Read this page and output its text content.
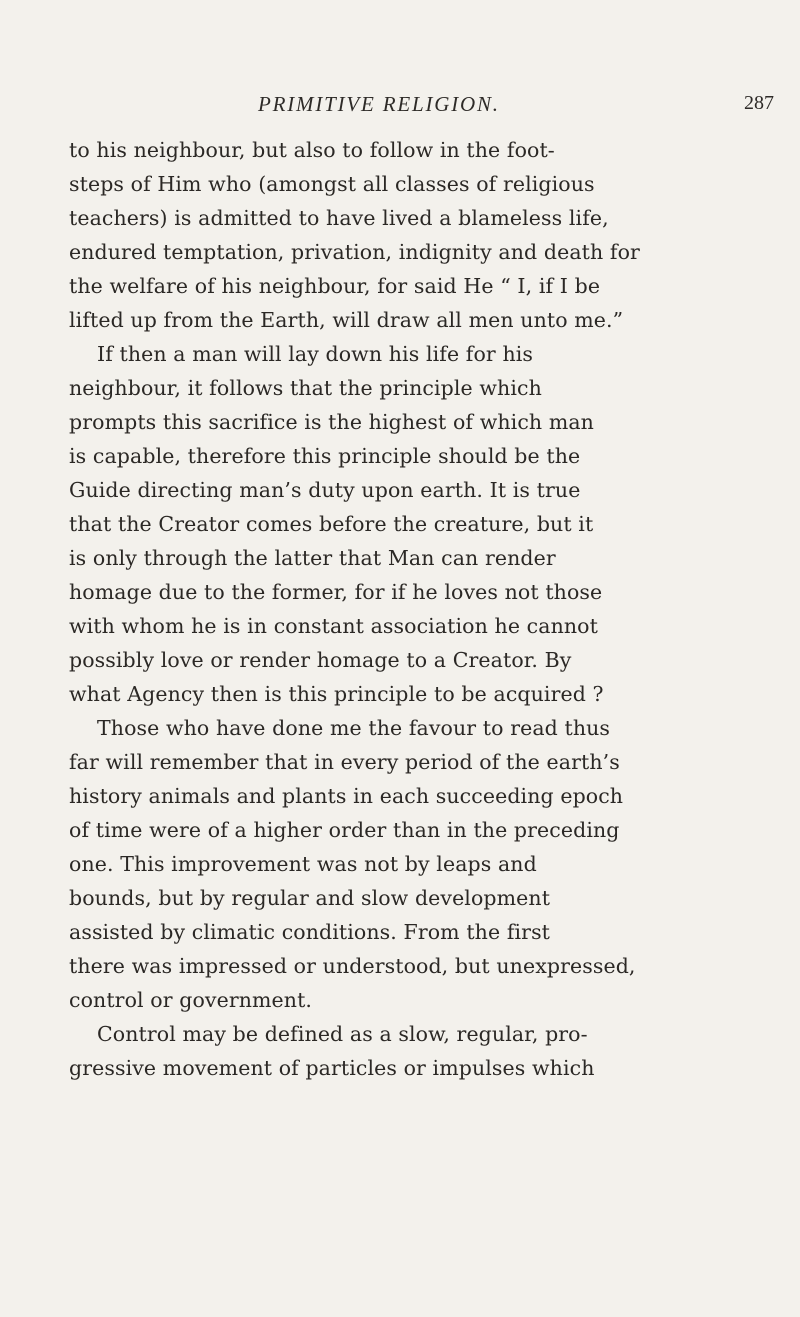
PRIMITIVE RELIGION.	287
to his neighbour, but also to follow in the foot-
steps of Him who (amongst all classes of religious
teachers) is admitted to have lived a blameless life,
endured temptation, privation, indignity and death for
the welfare of his neighbour, for said He “ I, if I be
lifted up from the Earth, will draw all men unto me.”
If then a man will lay down his life for his
neighbour, it follows that the principle which
prompts this sacrifice is the highest of which man
is capable, therefore this principle should be the
Guide directing man’s duty upon earth. It is true
that the Creator comes before the creature, but it
is only through the latter that Man can render
homage due to the former, for if he loves not those
with whom he is in constant association he cannot
possibly love or render homage to a Creator. By
what Agency then is this principle to be acquired ?
Those who have done me the favour to read thus
far will remember that in every period of the earth’s
history animals and plants in each succeeding epoch
of time were of a higher order than in the preceding
one. This improvement was not by leaps and
bounds, but by regular and slow development
assisted by climatic conditions. From the first
there was impressed or understood, but unexpressed,
control or government.
Control may be defined as a slow, regular, pro-
gressive movement of particles or impulses which
